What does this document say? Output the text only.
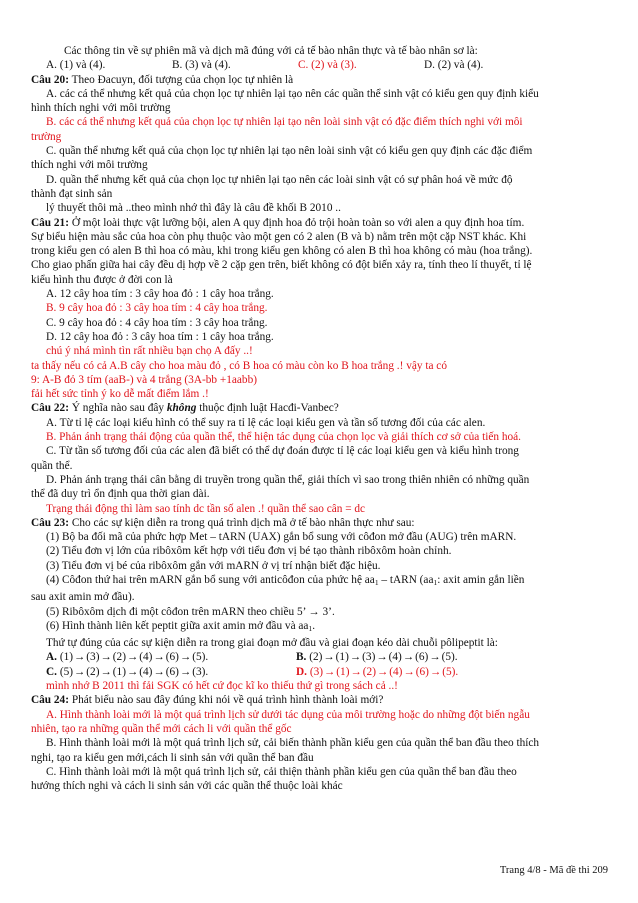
Các thông tin về sự phiên mã và dịch mã đúng với cả tế bào nhân thực và tế bào nhân sơ là:
A. (1) và (4).	B. (3) và (4).	C. (2) và (3).	D. (2) và (4).
Câu 20: Theo Đacuyn, đối tượng của chọn lọc tự nhiên là
A. các cá thể nhưng kết quả của chọn lọc tự nhiên lại tạo nên các quần thể sinh vật có kiểu gen quy định kiểu
hình thích nghi với môi trường
B. các cá thể nhưng kết quả của chọn lọc tự nhiên lại tạo nên loài sinh vật có đặc điểm thích nghi với môi
trường
C. quần thể nhưng kết quả của chọn lọc tự nhiên lại tạo nên loài sinh vật có kiểu gen quy định các đặc điểm
thích nghi với môi trường
D. quần thể nhưng kết quả của chọn lọc tự nhiên lại tạo nên các loài sinh vật có sự phân hoá về mức độ
thành đạt sinh sản
lý thuyết thôi mà ..theo mình nhớ thì đây là câu đề khối B 2010 ..
Câu 21: Ở một loài thực vật lưỡng bội, alen A quy định hoa đỏ trội hoàn toàn so với alen a quy định hoa tím.
Sự biểu hiện màu sắc của hoa còn phụ thuộc vào một gen có 2 alen (B và b) nằm trên một cặp NST khác. Khi
trong kiểu gen có alen B thì hoa có màu, khi trong kiểu gen không có alen B thì hoa không có màu (hoa trắng).
Cho giao phấn giữa hai cây đều dị hợp về 2 cặp gen trên, biết không có đột biến xảy ra, tính theo lí thuyết, tỉ lệ
kiểu hình thu được ở đời con là
A. 12 cây hoa tím : 3 cây hoa đỏ : 1 cây hoa trắng.
B. 9 cây hoa đỏ : 3 cây hoa tím : 4 cây hoa trắng.
C. 9 cây hoa đỏ : 4 cây hoa tím : 3 cây hoa trắng.
D. 12 cây hoa đỏ : 3 cây hoa tím : 1 cây hoa trắng.
chú ý nhá mình tìn rất nhiều bạn chọ A đấy ..!
ta thấy nếu có cả A.B cây cho hoa màu đỏ , có B hoa có màu còn ko B hoa trắng .! vậy ta có
9: A-B đỏ 3 tím (aaB-) và 4 trắng (3A-bb +1aabb)
fải hết sức tỉnh ý ko dễ mất điểm lắm .!
Câu 22: Ý nghĩa nào sau đây không thuộc định luật Hacđi-Vanbec?
A. Từ tỉ lệ các loại kiểu hình có thể suy ra tỉ lệ các loại kiểu gen và tần số tương đối của các alen.
B. Phản ánh trạng thái động của quần thể, thể hiện tác dụng của chọn lọc và giải thích cơ sở của tiến hoá.
C. Từ tần số tương đối của các alen đã biết có thể dự đoán được tỉ lệ các loại kiểu gen và kiểu hình trong
quần thể.
D. Phản ánh trạng thái cân bằng di truyền trong quần thể, giải thích vì sao trong thiên nhiên có những quần
thể đã duy trì ổn định qua thời gian dài.
Trạng thái động thì làm sao tính dc tần số alen .! quần thể sao cân = dc
Câu 23: Cho các sự kiện diễn ra trong quá trình dịch mã ở tế bào nhân thực như sau:
(1) Bộ ba đối mã của phức hợp Met – tARN (UAX) gắn bổ sung với côđon mở đầu (AUG) trên mARN.
(2) Tiểu đơn vị lớn của ribôxôm kết hợp với tiểu đơn vị bé tạo thành ribôxôm hoàn chỉnh.
(3) Tiểu đơn vị bé của ribôxôm gắn với mARN ở vị trí nhận biết đặc hiệu.
(4) Côđon thứ hai trên mARN gắn bổ sung với anticôđon của phức hệ $aa_1$ – tARN ($aa_1$: axit amin gắn liền
sau axit amin mở đầu).
(5) Ribôxôm dịch đi một côđon trên mARN theo chiều 5’ → 3’.
(6) Hình thành liên kết peptit giữa axit amin mở đầu và $aa_1$.
Thứ tự đúng của các sự kiện diễn ra trong giai đoạn mở đầu và giai đoạn kéo dài chuỗi pôlipeptit là:
A. (1)→(3)→(2)→(4)→(6)→(5).	B. (2)→(1)→(3)→(4)→(6)→(5).
C. (5)→(2)→(1)→(4)→(6)→(3).	D. (3)→(1)→(2)→(4)→(6)→(5).
mình nhớ B 2011 thì fải SGK có hết cứ đọc kĩ ko thiếu thứ gì trong sách cả ..!
Câu 24: Phát biểu nào sau đây đúng khi nói về quá trình hình thành loài mới?
A. Hình thành loài mới là một quá trình lịch sử dưới tác dụng của môi trường hoặc do những đột biến ngẫu
nhiên, tạo ra những quần thể mới cách li với quần thể gốc
B. Hình thành loài mới là một quá trình lịch sử, cải biến thành phần kiểu gen của quần thể ban đầu theo thích
nghi, tạo ra kiểu gen mới,cách li sinh sản với quần thể ban đầu
C. Hình thành loài mới là một quá trình lịch sử, cải thiện thành phần kiểu gen của quần thể ban đầu theo
hướng thích nghi và cách li sinh sản với các quần thể thuộc loài khác
Trang 4/8 - Mã đề thi 209
